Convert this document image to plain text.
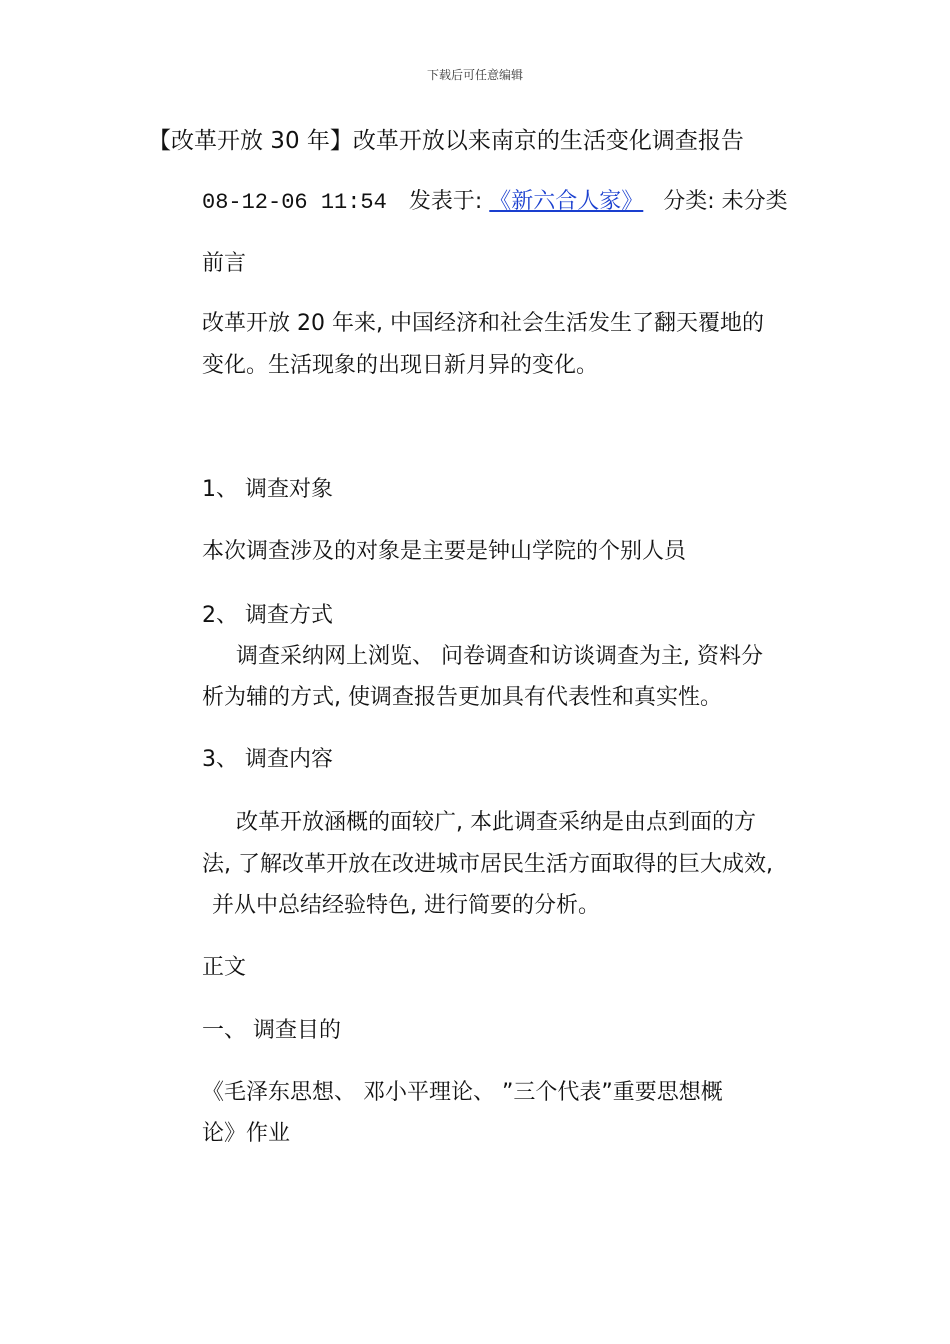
下载后可任意编辑
【改革开放 30 年】改革开放以来南京的生活变化调查报告
08-12-06 11:54 发表于: 《新六合人家》 分类: 未分类
前言
改革开放 20 年来, 中国经济和社会生活发生了翻天覆地的
变化。生活现象的出现日新月异的变化。
1、 调查对象
本次调查涉及的对象是主要是钟山学院的个别人员
2、 调查方式
调查采纳网上浏览、 问卷调查和访谈调查为主, 资料分
析为辅的方式, 使调查报告更加具有代表性和真实性。
3、 调查内容
改革开放涵概的面较广, 本此调查采纳是由点到面的方
法, 了解改革开放在改进城市居民生活方面取得的巨大成效,
并从中总结经验特色, 进行简要的分析。
正文
一、 调查目的
《毛泽东思想、 邓小平理论、 ”三个代表”重要思想概
论》作业
